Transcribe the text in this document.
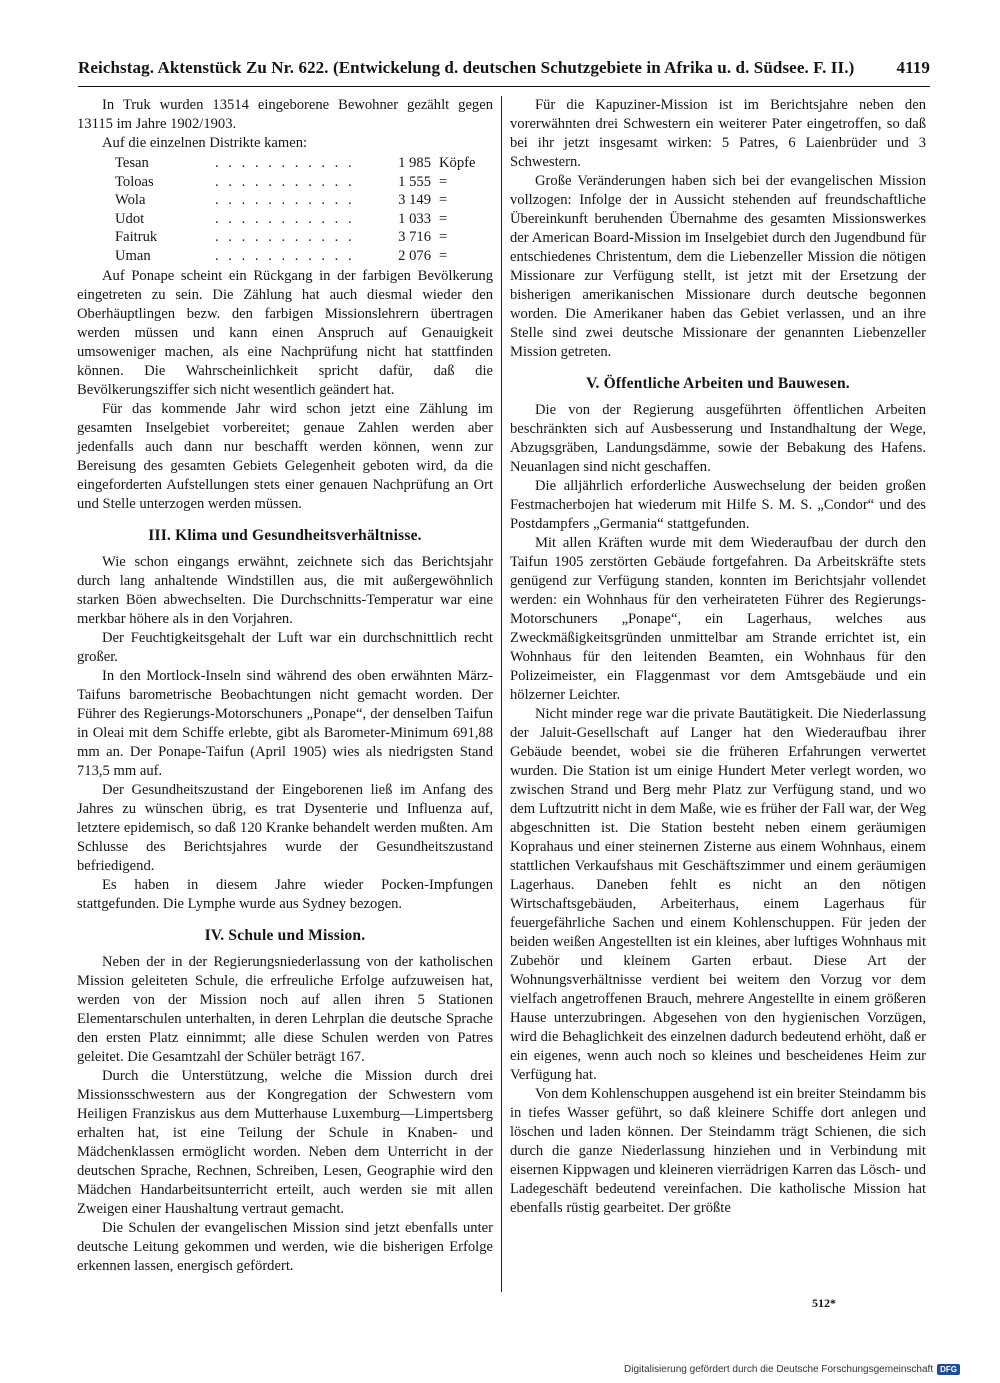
Reichstag. Aktenstück Zu Nr. 622. (Entwickelung d. deutschen Schutzgebiete in Afrika u. d. Südsee. F. II.) 4119

In Truk wurden 13514 eingeborene Bewohner gezählt gegen 13115 im Jahre 1902/1903.

Auf die einzelnen Distrikte kamen:

Tesan	. . . . . . . . . . .	1 985	Köpfe
Toloas	. . . . . . . . . . .	1 555	=
Wola	. . . . . . . . . . .	3 149	=
Udot	. . . . . . . . . . .	1 033	=
Faitruk	. . . . . . . . . . .	3 716	=
Uman	. . . . . . . . . . .	2 076	=

Auf Ponape scheint ein Rückgang in der farbigen Bevölkerung eingetreten zu sein. Die Zählung hat auch diesmal wieder den Oberhäuptlingen bezw. den farbigen Missionslehrern übertragen werden müssen und kann einen Anspruch auf Genauigkeit umsoweniger machen, als eine Nachprüfung nicht hat stattfinden können. Die Wahrscheinlichkeit spricht dafür, daß die Bevölkerungsziffer sich nicht wesentlich geändert hat.

Für das kommende Jahr wird schon jetzt eine Zählung im gesamten Inselgebiet vorbereitet; genaue Zahlen werden aber jedenfalls auch dann nur beschafft werden können, wenn zur Bereisung des gesamten Gebiets Gelegenheit geboten wird, da die eingeforderten Aufstellungen stets einer genauen Nachprüfung an Ort und Stelle unterzogen werden müssen.

III. Klima und Gesundheitsverhältnisse.

Wie schon eingangs erwähnt, zeichnete sich das Berichtsjahr durch lang anhaltende Windstillen aus, die mit außergewöhnlich starken Böen abwechselten. Die Durchschnitts-Temperatur war eine merkbar höhere als in den Vorjahren.

Der Feuchtigkeitsgehalt der Luft war ein durchschnittlich recht großer.

In den Mortlock-Inseln sind während des oben erwähnten März-Taifuns barometrische Beobachtungen nicht gemacht worden. Der Führer des Regierungs-Motorschuners „Ponape“, der denselben Taifun in Oleai mit dem Schiffe erlebte, gibt als Barometer-Minimum 691,88 mm an. Der Ponape-Taifun (April 1905) wies als niedrigsten Stand 713,5 mm auf.

Der Gesundheitszustand der Eingeborenen ließ im Anfang des Jahres zu wünschen übrig, es trat Dysenterie und Influenza auf, letztere epidemisch, so daß 120 Kranke behandelt werden mußten. Am Schlusse des Berichtsjahres wurde der Gesundheitszustand befriedigend.

Es haben in diesem Jahre wieder Pocken-Impfungen stattgefunden. Die Lymphe wurde aus Sydney bezogen.

IV. Schule und Mission.

Neben der in der Regierungsniederlassung von der katholischen Mission geleiteten Schule, die erfreuliche Erfolge aufzuweisen hat, werden von der Mission noch auf allen ihren 5 Stationen Elementarschulen unterhalten, in deren Lehrplan die deutsche Sprache den ersten Platz einnimmt; alle diese Schulen werden von Patres geleitet. Die Gesamtzahl der Schüler beträgt 167.

Durch die Unterstützung, welche die Mission durch drei Missionsschwestern aus der Kongregation der Schwestern vom Heiligen Franziskus aus dem Mutterhause Luxemburg—Limpertsberg erhalten hat, ist eine Teilung der Schule in Knaben- und Mädchenklassen ermöglicht worden. Neben dem Unterricht in der deutschen Sprache, Rechnen, Schreiben, Lesen, Geographie wird den Mädchen Handarbeitsunterricht erteilt, auch werden sie mit allen Zweigen einer Haushaltung vertraut gemacht.

Die Schulen der evangelischen Mission sind jetzt ebenfalls unter deutsche Leitung gekommen und werden, wie die bisherigen Erfolge erkennen lassen, energisch gefördert.

Für die Kapuziner-Mission ist im Berichtsjahre neben den vorerwähnten drei Schwestern ein weiterer Pater eingetroffen, so daß bei ihr jetzt insgesamt wirken: 5 Patres, 6 Laienbrüder und 3 Schwestern.

Große Veränderungen haben sich bei der evangelischen Mission vollzogen: Infolge der in Aussicht stehenden auf freundschaftliche Übereinkunft beruhenden Übernahme des gesamten Missionswerkes der American Board-Mission im Inselgebiet durch den Jugendbund für entschiedenes Christentum, dem die Liebenzeller Mission die nötigen Missionare zur Verfügung stellt, ist jetzt mit der Ersetzung der bisherigen amerikanischen Missionare durch deutsche begonnen worden. Die Amerikaner haben das Gebiet verlassen, und an ihre Stelle sind zwei deutsche Missionare der genannten Liebenzeller Mission getreten.

V. Öffentliche Arbeiten und Bauwesen.

Die von der Regierung ausgeführten öffentlichen Arbeiten beschränkten sich auf Ausbesserung und Instandhaltung der Wege, Abzugsgräben, Landungsdämme, sowie der Bebakung des Hafens. Neuanlagen sind nicht geschaffen.

Die alljährlich erforderliche Auswechselung der beiden großen Festmacherbojen hat wiederum mit Hilfe S. M. S. „Condor“ und des Postdampfers „Germania“ stattgefunden.

Mit allen Kräften wurde mit dem Wiederaufbau der durch den Taifun 1905 zerstörten Gebäude fortgefahren. Da Arbeitskräfte stets genügend zur Verfügung standen, konnten im Berichtsjahr vollendet werden: ein Wohnhaus für den verheirateten Führer des Regierungs-Motorschuners „Ponape“, ein Lagerhaus, welches aus Zweckmäßigkeitsgründen unmittelbar am Strande errichtet ist, ein Wohnhaus für den leitenden Beamten, ein Wohnhaus für den Polizeimeister, ein Flaggenmast vor dem Amtsgebäude und ein hölzerner Leichter.

Nicht minder rege war die private Bautätigkeit. Die Niederlassung der Jaluit-Gesellschaft auf Langer hat den Wiederaufbau ihrer Gebäude beendet, wobei sie die früheren Erfahrungen verwertet wurden. Die Station ist um einige Hundert Meter verlegt worden, wo zwischen Strand und Berg mehr Platz zur Verfügung stand, und wo dem Luftzutritt nicht in dem Maße, wie es früher der Fall war, der Weg abgeschnitten ist. Die Station besteht neben einem geräumigen Koprahaus und einer steinernen Zisterne aus einem Wohnhaus, einem stattlichen Verkaufshaus mit Geschäftszimmer und einem geräumigen Lagerhaus. Daneben fehlt es nicht an den nötigen Wirtschaftsgebäuden, Arbeiterhaus, einem Lagerhaus für feuergefährliche Sachen und einem Kohlenschuppen. Für jeden der beiden weißen Angestellten ist ein kleines, aber luftiges Wohnhaus mit Zubehör und kleinem Garten erbaut. Diese Art der Wohnungsverhältnisse verdient bei weitem den Vorzug vor dem vielfach angetroffenen Brauch, mehrere Angestellte in einem größeren Hause unterzubringen. Abgesehen von den hygienischen Vorzügen, wird die Behaglichkeit des einzelnen dadurch bedeutend erhöht, daß er ein eigenes, wenn auch noch so kleines und bescheidenes Heim zur Verfügung hat.

Von dem Kohlenschuppen ausgehend ist ein breiter Steindamm bis in tiefes Wasser geführt, so daß kleinere Schiffe dort anlegen und löschen und laden können. Der Steindamm trägt Schienen, die sich durch die ganze Niederlassung hinziehen und in Verbindung mit eisernen Kippwagen und kleineren vierrädrigen Karren das Lösch- und Ladegeschäft bedeutend vereinfachen. Die katholische Mission hat ebenfalls rüstig gearbeitet. Der größte

512*
Digitalisierung gefördert durch die Deutsche Forschungsgemeinschaft DFG
